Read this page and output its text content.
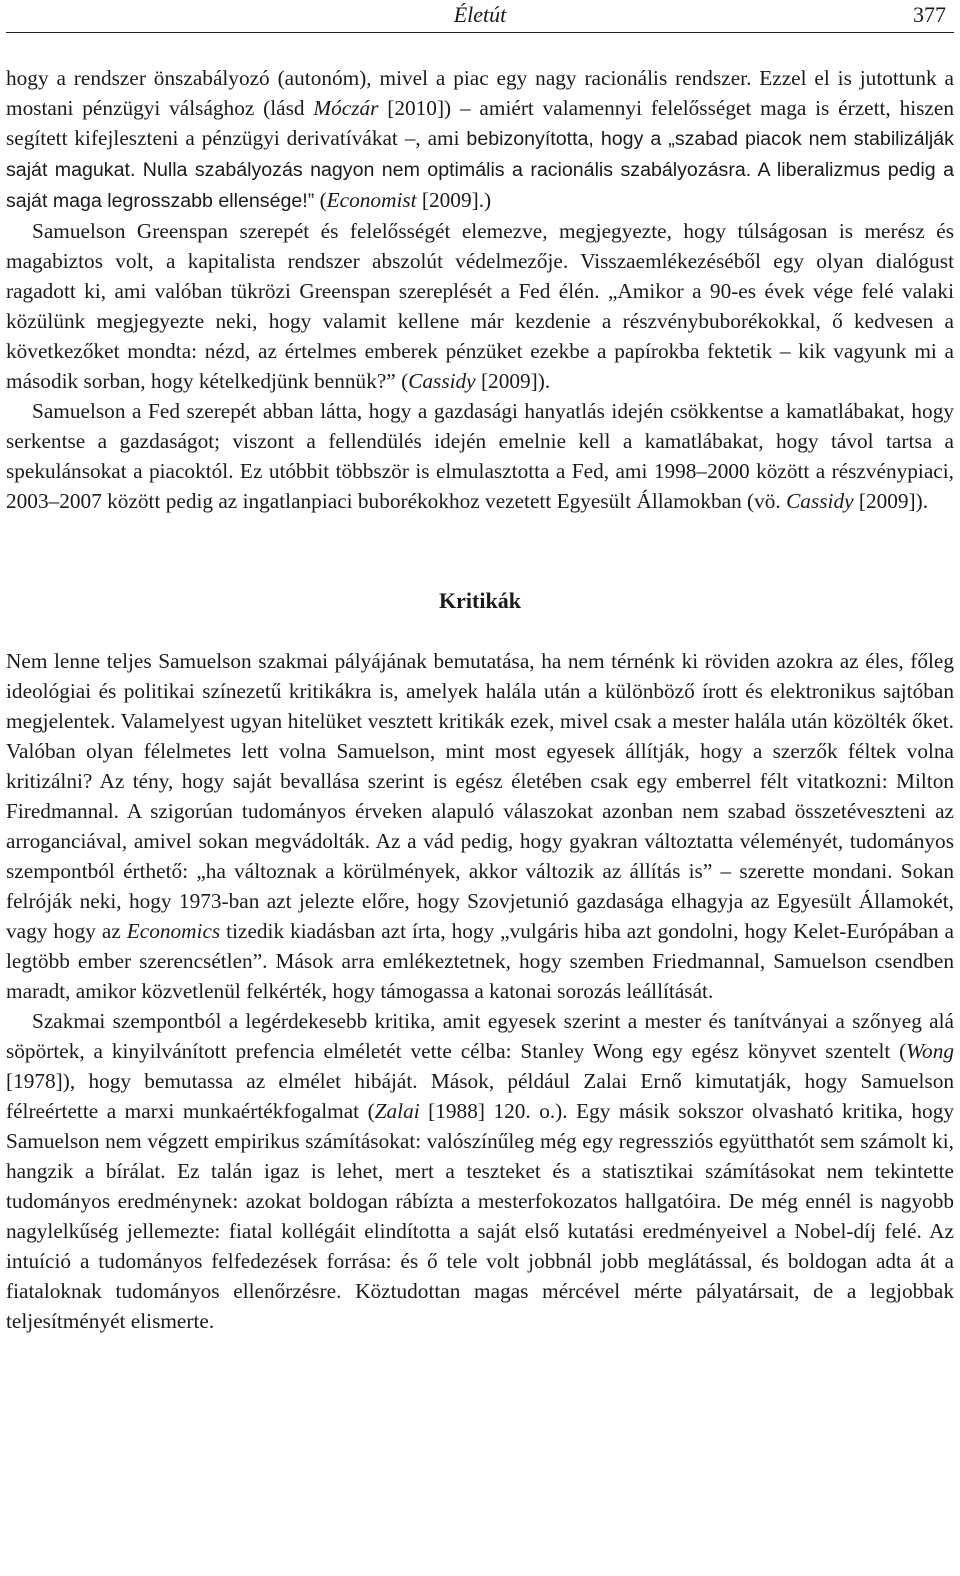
Életút	377

hogy a rendszer önszabályozó (autonóm), mivel a piac egy nagy racionális rendszer. Ezzel el is jutottunk a mostani pénzügyi válsághoz (lásd Móczár [2010]) – amiért valamennyi felelősséget maga is érzett, hiszen segített kifejleszteni a pénzügyi derivatívákat –, ami bebizonyította, hogy a „szabad piacok nem stabilizálják saját magukat. Nulla szabályozás nagyon nem optimális a racionális szabályozásra. A liberalizmus pedig a saját maga legrosszabb ellensége!” (Economist [2009].)

Samuelson Greenspan szerepét és felelősségét elemezve, megjegyezte, hogy túlságosan is merész és magabiztos volt, a kapitalista rendszer abszolút védelmezője. Visszaemlékezéséből egy olyan dialógust ragadott ki, ami valóban tükrözi Greenspan szereplését a Fed élén. „Amikor a 90-es évek vége felé valaki közülünk megjegyezte neki, hogy valamit kellene már kezdenie a részvénybuborékokkal, ő kedvesen a következőket mondta: nézd, az értelmes emberek pénzüket ezekbe a papírokba fektetik – kik vagyunk mi a második sorban, hogy kételkedjünk bennük?” (Cassidy [2009]).

Samuelson a Fed szerepét abban látta, hogy a gazdasági hanyatlás idején csökkentse a kamatlábakat, hogy serkentse a gazdaságot; viszont a fellendülés idején emelnie kell a kamatlábakat, hogy távol tartsa a spekulánsokat a piacoktól. Ez utóbbit többször is elmulasztotta a Fed, ami 1998–2000 között a részvénypiaci, 2003–2007 között pedig az ingatlanpiaci buborékokhoz vezetett Egyesült Államokban (vö. Cassidy [2009]).

Kritikák

Nem lenne teljes Samuelson szakmai pályájának bemutatása, ha nem térnénk ki röviden azokra az éles, főleg ideológiai és politikai színezetű kritikákra is, amelyek halála után a különböző írott és elektronikus sajtóban megjelentek. Valamelyest ugyan hitelüket vesztett kritikák ezek, mivel csak a mester halála után közölték őket. Valóban olyan félelmetes lett volna Samuelson, mint most egyesek állítják, hogy a szerzők féltek volna kritizálni? Az tény, hogy saját bevallása szerint is egész életében csak egy emberrel félt vitatkozni: Milton Firedmannal. A szigorúan tudományos érveken alapuló válaszokat azonban nem szabad összetéveszteni az arroganciával, amivel sokan megvádolták. Az a vád pedig, hogy gyakran változtatta véleményét, tudományos szempontból érthető: „ha változnak a körülmények, akkor változik az állítás is” – szerette mondani. Sokan felróják neki, hogy 1973-ban azt jelezte előre, hogy Szovjetunió gazdasága elhagyja az Egyesült Államokét, vagy hogy az Economics tizedik kiadásban azt írta, hogy „vulgáris hiba azt gondolni, hogy Kelet-Európában a legtöbb ember szerencsétlen”. Mások arra emlékeztetnek, hogy szemben Friedmannal, Samuelson csendben maradt, amikor közvetlenül felkérték, hogy támogassa a katonai sorozás leállítását.

Szakmai szempontból a legérdekesebb kritika, amit egyesek szerint a mester és tanítványai a szőnyeg alá söpörtek, a kinyilvánított prefencia elméletét vette célba: Stanley Wong egy egész könyvet szentelt (Wong [1978]), hogy bemutassa az elmélet hibáját. Mások, például Zalai Ernő kimutatják, hogy Samuelson félreértette a marxi munkaértékfogalmat (Zalai [1988] 120. o.). Egy másik sokszor olvasható kritika, hogy Samuelson nem végzett empirikus számításokat: valószínűleg még egy regressziós együtthatót sem számolt ki, hangzik a bírálat. Ez talán igaz is lehet, mert a teszteket és a statisztikai számításokat nem tekintette tudományos eredménynek: azokat boldogan rábízta a mesterfokozatos hallgatóira. De még ennél is nagyobb nagylelkűség jellemezte: fiatal kollégáit elindította a saját első kutatási eredményeivel a Nobel-díj felé. Az intuíció a tudományos felfedezések forrása: és ő tele volt jobbnál jobb meglátással, és boldogan adta át a fiataloknak tudományos ellenőrzésre. Köztudottan magas mércével mérte pályatársait, de a legjobbak teljesítményét elismerte.
